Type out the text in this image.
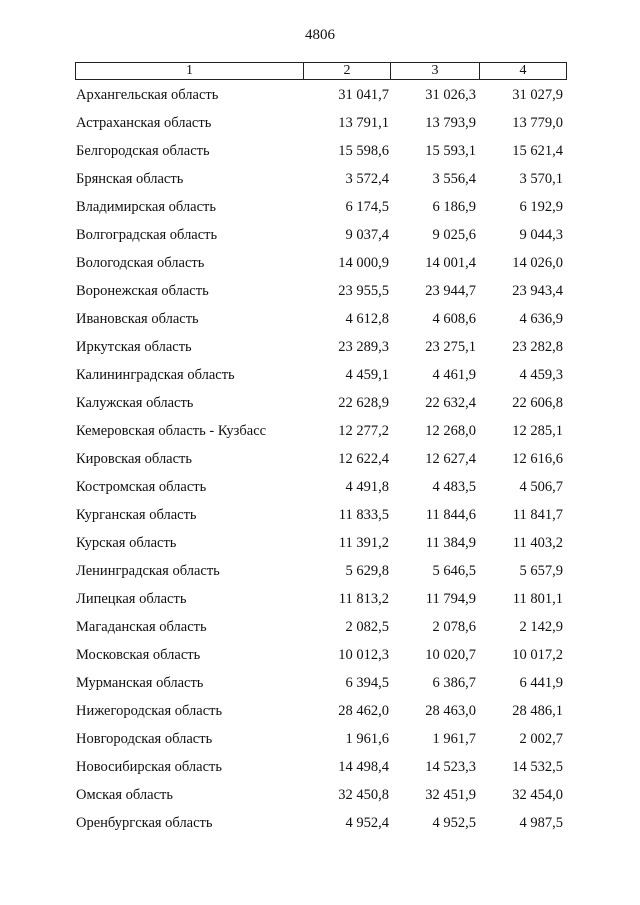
4806
1	2	3	4
Архангельская область	31 041,7	31 026,3	31 027,9
Астраханская область	13 791,1	13 793,9	13 779,0
Белгородская область	15 598,6	15 593,1	15 621,4
Брянская область	3 572,4	3 556,4	3 570,1
Владимирская область	6 174,5	6 186,9	6 192,9
Волгоградская область	9 037,4	9 025,6	9 044,3
Вологодская область	14 000,9	14 001,4	14 026,0
Воронежская область	23 955,5	23 944,7	23 943,4
Ивановская область	4 612,8	4 608,6	4 636,9
Иркутская область	23 289,3	23 275,1	23 282,8
Калининградская область	4 459,1	4 461,9	4 459,3
Калужская область	22 628,9	22 632,4	22 606,8
Кемеровская область - Кузбасс	12 277,2	12 268,0	12 285,1
Кировская область	12 622,4	12 627,4	12 616,6
Костромская область	4 491,8	4 483,5	4 506,7
Курганская область	11 833,5	11 844,6	11 841,7
Курская область	11 391,2	11 384,9	11 403,2
Ленинградская область	5 629,8	5 646,5	5 657,9
Липецкая область	11 813,2	11 794,9	11 801,1
Магаданская область	2 082,5	2 078,6	2 142,9
Московская область	10 012,3	10 020,7	10 017,2
Мурманская область	6 394,5	6 386,7	6 441,9
Нижегородская область	28 462,0	28 463,0	28 486,1
Новгородская область	1 961,6	1 961,7	2 002,7
Новосибирская область	14 498,4	14 523,3	14 532,5
Омская область	32 450,8	32 451,9	32 454,0
Оренбургская область	4 952,4	4 952,5	4 987,5
